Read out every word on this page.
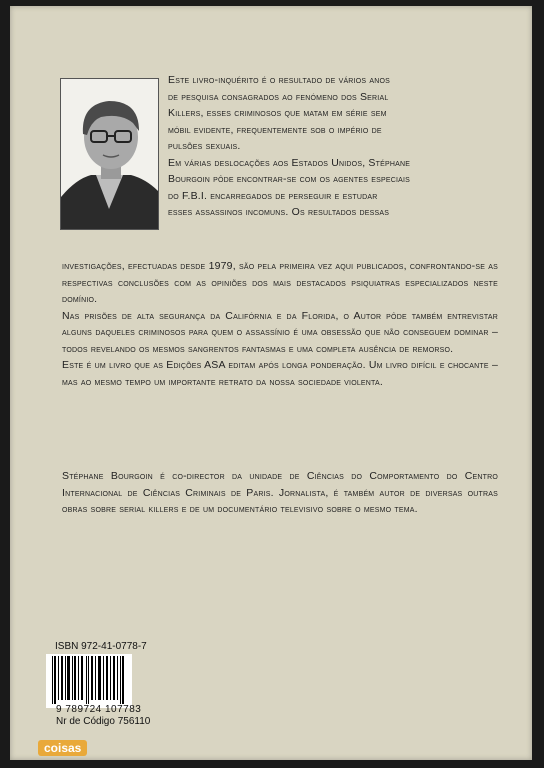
Este livro-inquérito é o resultado de vários anos
de pesquisa consagrados ao fenómeno dos Serial
Killers, esses criminosos que matam em série sem
móbil evidente, frequentemente sob o império de
pulsões sexuais.
Em várias deslocações aos Estados Unidos, Stéphane
Bourgoin pôde encontrar-se com os agentes especiais
do F.B.I. encarregados de perseguir e estudar
esses assassinos incomuns. Os resultados dessas

investigações, efectuadas desde 1979, são pela primeira vez aqui publicados, confrontando-se as respectivas conclusões com as opiniões dos mais destacados psiquiatras especializados neste domínio.

Nas prisões de alta segurança da Califórnia e da Florida, o Autor pôde também entrevistar alguns daqueles criminosos para quem o assassínio é uma obsessão que não conseguem dominar – todos revelando os mesmos sangrentos fantasmas e uma completa ausência de remorso.

Este é um livro que as Edições ASA editam após longa ponderação. Um livro difícil e chocante – mas ao mesmo tempo um importante retrato da nossa sociedade violenta.

Stéphane Bourgoin é co-director da unidade de Ciências do Comportamento do Centro Internacional de Ciências Criminais de Paris. Jornalista, é também autor de diversas outras obras sobre serial killers e de um documentário televisivo sobre o mesmo tema.

ISBN 972-41-0778-7
9 789724 107783
Nr de Código 756110
coisas
